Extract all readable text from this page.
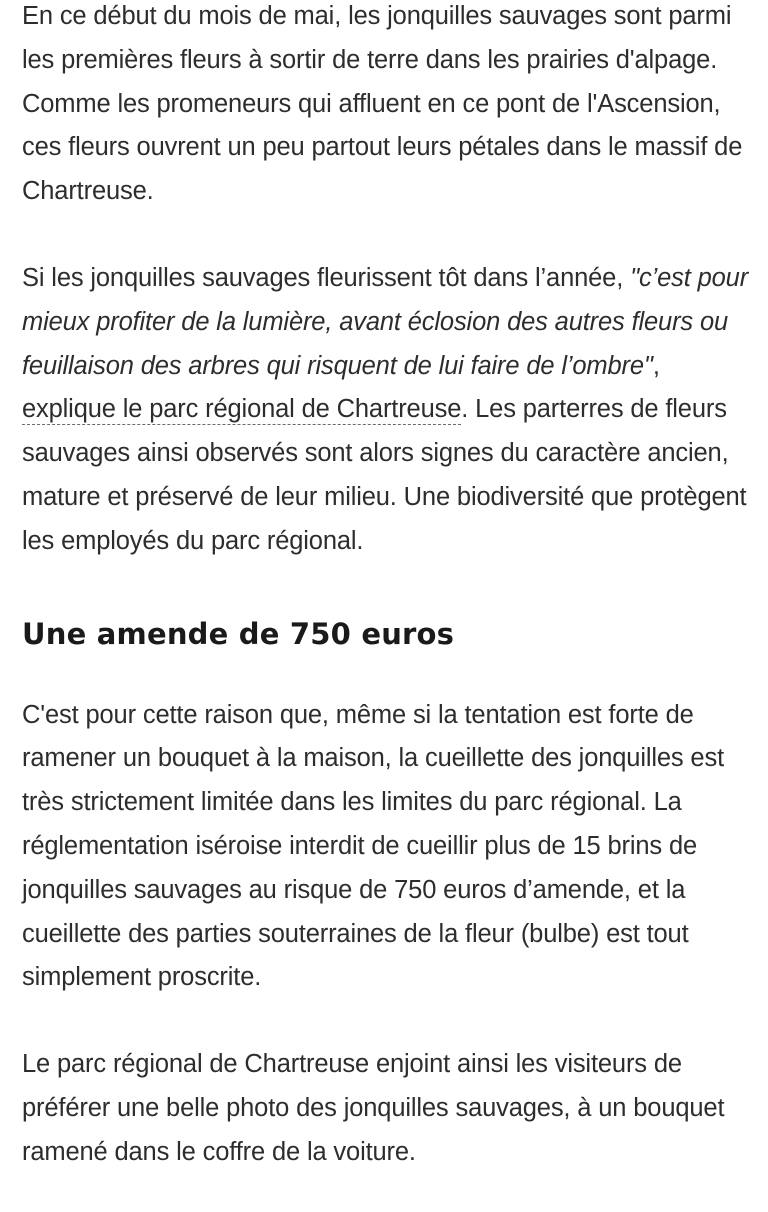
En ce début du mois de mai, les jonquilles sauvages sont parmi les premières fleurs à sortir de terre dans les prairies d'alpage. Comme les promeneurs qui affluent en ce pont de l'Ascension, ces fleurs ouvrent un peu partout leurs pétales dans le massif de Chartreuse.

Si les jonquilles sauvages fleurissent tôt dans l’année, "c’est pour mieux profiter de la lumière, avant éclosion des autres fleurs ou feuillaison des arbres qui risquent de lui faire de l’ombre", explique le parc régional de Chartreuse. Les parterres de fleurs sauvages ainsi observés sont alors signes du caractère ancien, mature et préservé de leur milieu. Une biodiversité que protègent les employés du parc régional.

Une amende de 750 euros

C'est pour cette raison que, même si la tentation est forte de ramener un bouquet à la maison, la cueillette des jonquilles est très strictement limitée dans les limites du parc régional. La réglementation iséroise interdit de cueillir plus de 15 brins de jonquilles sauvages au risque de 750 euros d’amende, et la cueillette des parties souterraines de la fleur (bulbe) est tout simplement proscrite.

Le parc régional de Chartreuse enjoint ainsi les visiteurs de préférer une belle photo des jonquilles sauvages, à un bouquet ramené dans le coffre de la voiture.
